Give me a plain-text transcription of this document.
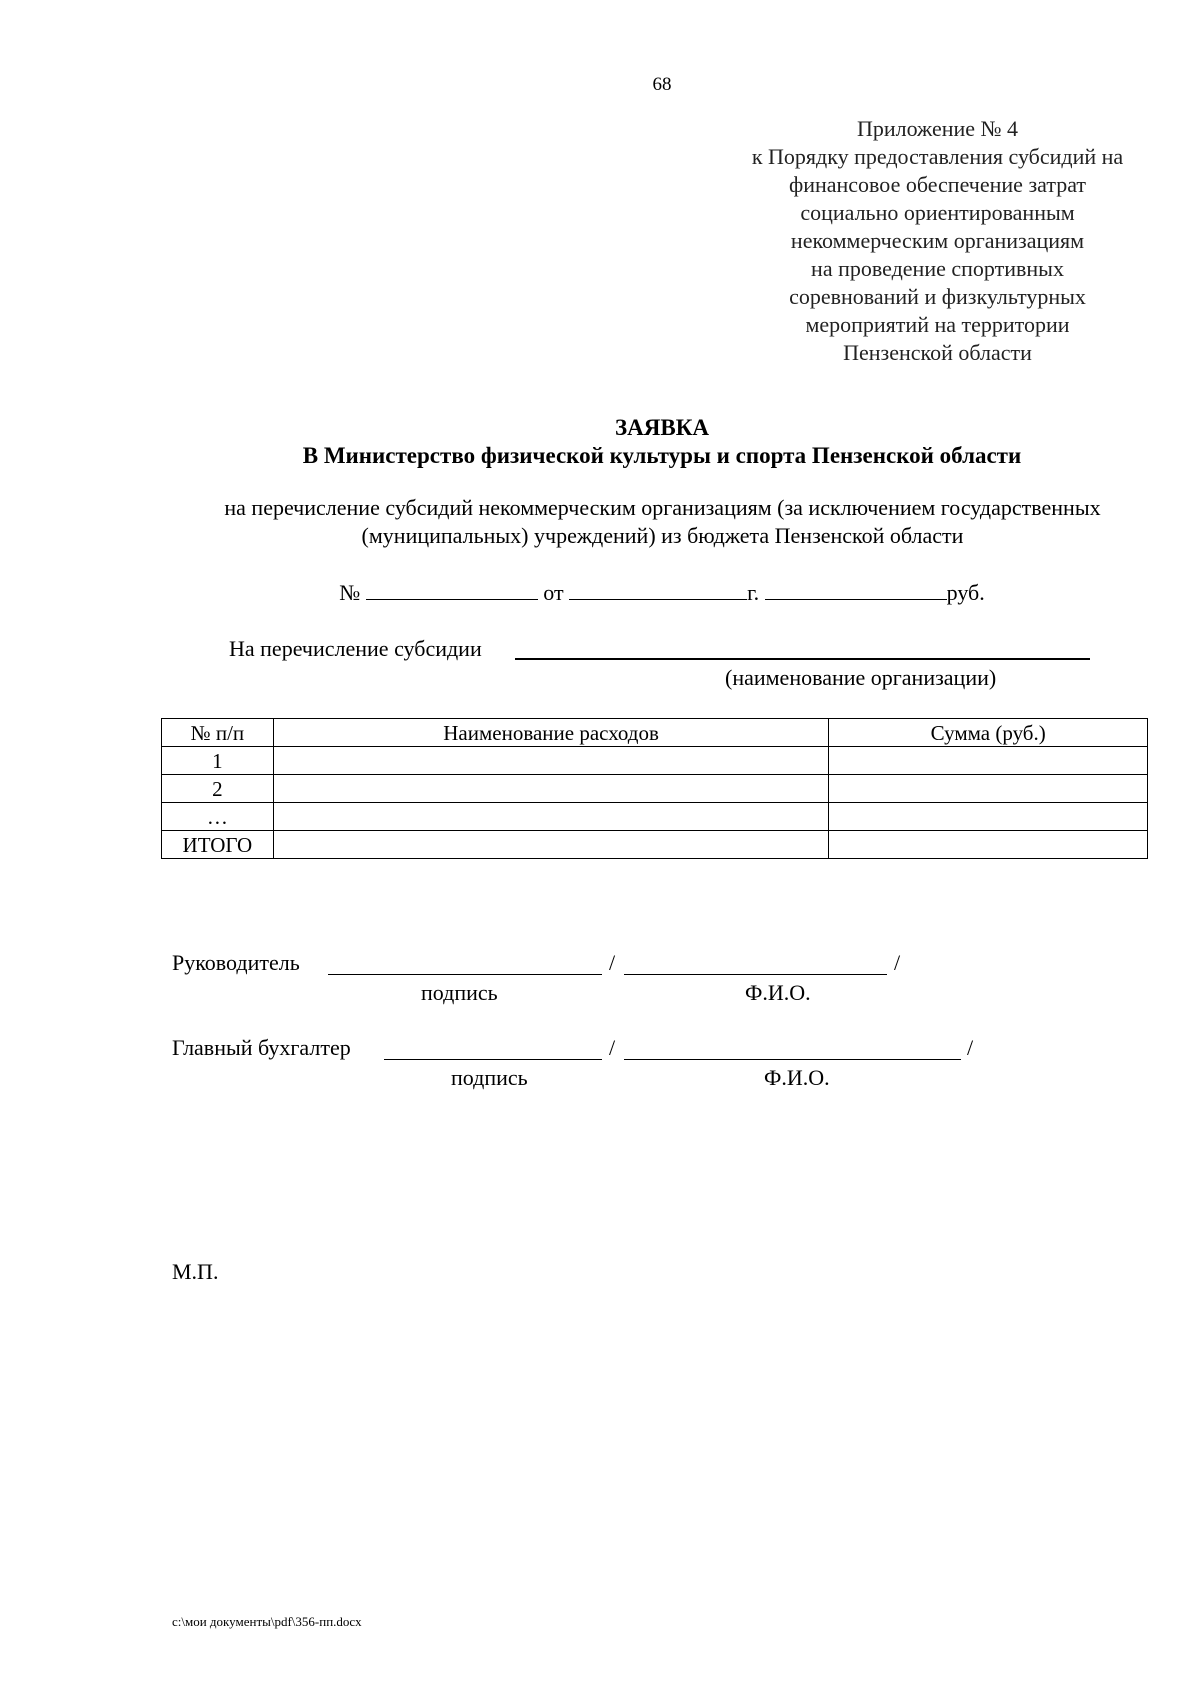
68
Приложение № 4
к Порядку предоставления субсидий на
финансовое обеспечение затрат
социально ориентированным
некоммерческим организациям
на проведение спортивных
соревнований и физкультурных
мероприятий на территории
Пензенской области
ЗАЯВКА
В Министерство физической культуры и спорта Пензенской области
на перечисление субсидий некоммерческим организациям (за исключением государственных
(муниципальных) учреждений) из бюджета Пензенской области
№	от	г.	руб.
На перечисление субсидии
(наименование организации)
№ п/п	Наименование расходов	Сумма (руб.)
1		
2		
…		
ИТОГО		
Руководитель	/	/
подпись	Ф.И.О.
Главный бухгалтер	/	/
подпись	Ф.И.О.
М.П.
c:\мои документы\pdf\356-пп.docx
